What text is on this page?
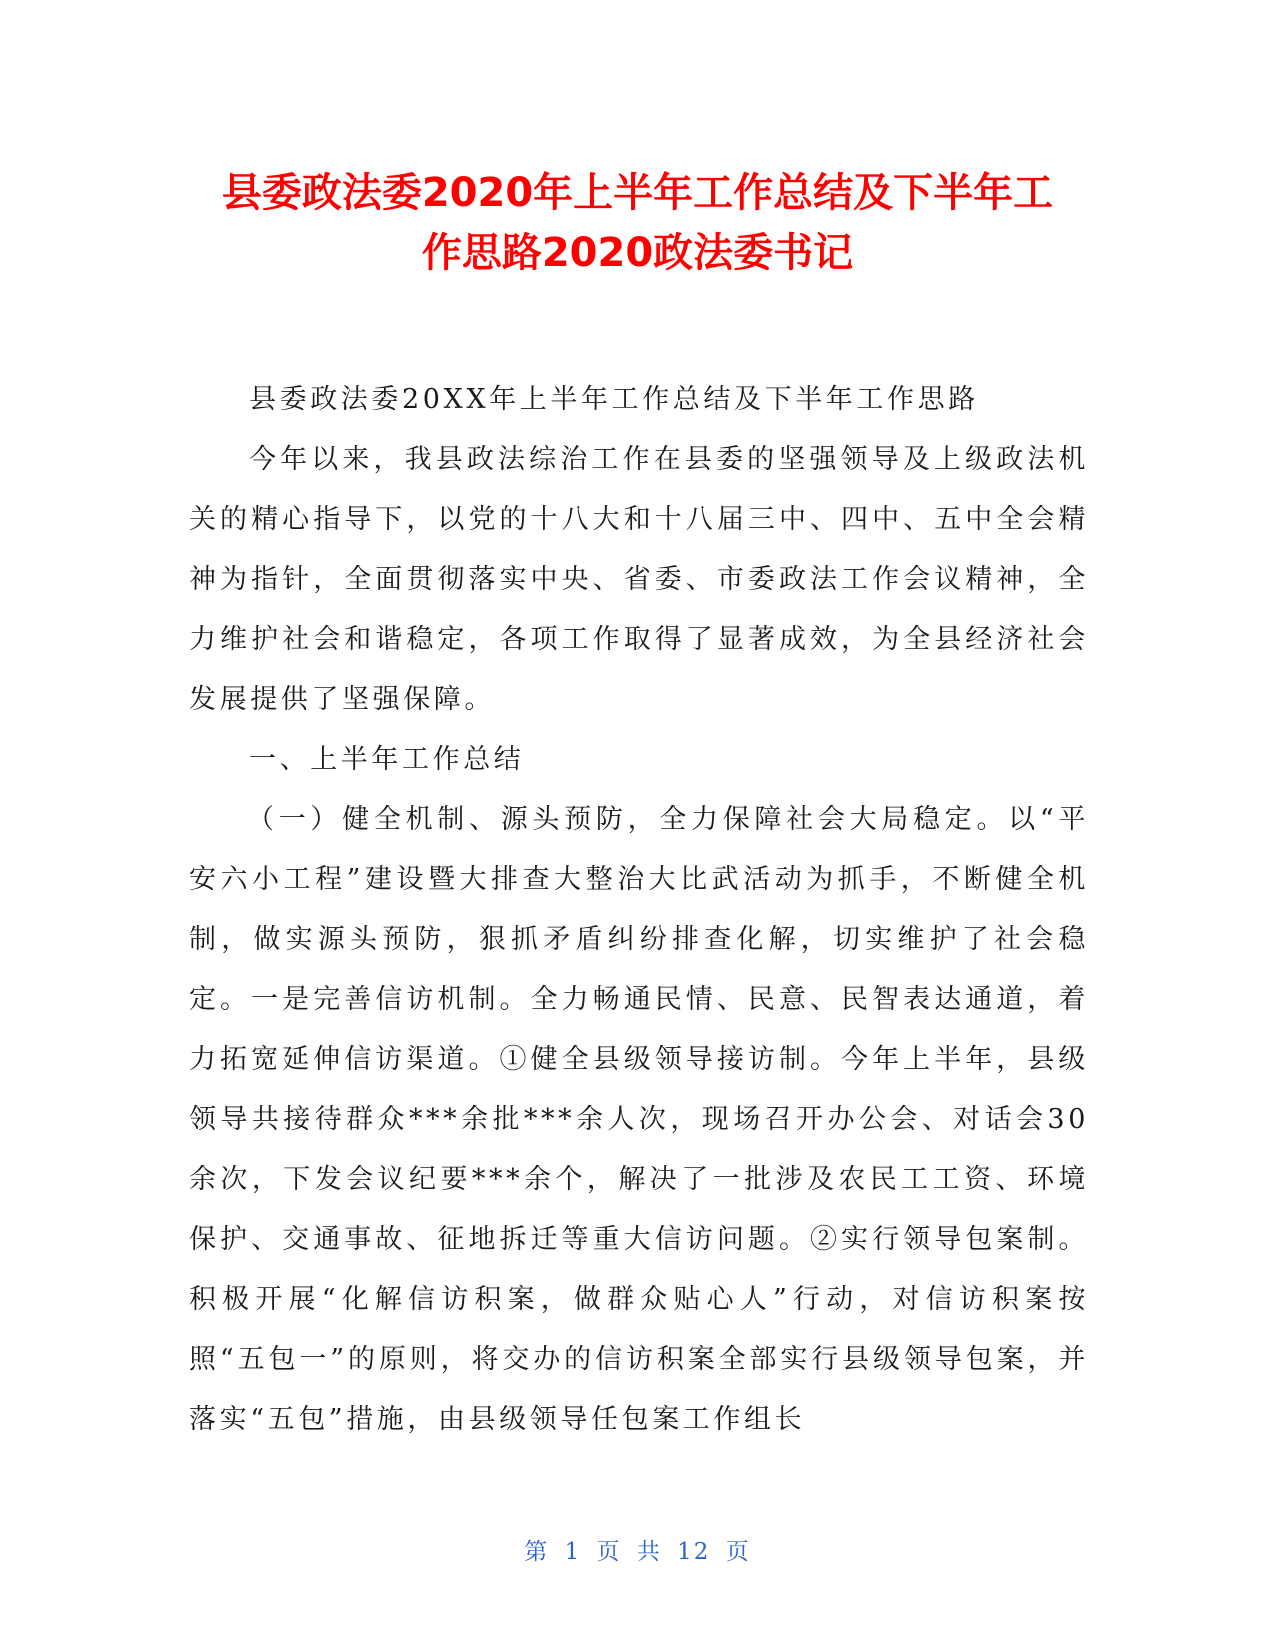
县委政法委2020年上半年工作总结及下半年工
作思路2020政法委书记

县委政法委20XX年上半年工作总结及下半年工作思路

今年以来，我县政法综治工作在县委的坚强领导及上级政法机关的精心指导下，以党的十八大和十八届三中、四中、五中全会精神为指针，全面贯彻落实中央、省委、市委政法工作会议精神，全力维护社会和谐稳定，各项工作取得了显著成效，为全县经济社会发展提供了坚强保障。

一、上半年工作总结

（一）健全机制、源头预防，全力保障社会大局稳定。以“平安六小工程”建设暨大排查大整治大比武活动为抓手，不断健全机制，做实源头预防，狠抓矛盾纠纷排查化解，切实维护了社会稳定。一是完善信访机制。全力畅通民情、民意、民智表达通道，着力拓宽延伸信访渠道。①健全县级领导接访制。今年上半年，县级领导共接待群众***余批***余人次，现场召开办公会、对话会30余次，下发会议纪要***余个，解决了一批涉及农民工工资、环境保护、交通事故、征地拆迁等重大信访问题。②实行领导包案制。积极开展“化解信访积案，做群众贴心人”行动，对信访积案按照“五包一”的原则，将交办的信访积案全部实行县级领导包案，并落实“五包”措施，由县级领导任包案工作组长

第 1 页 共 12 页
